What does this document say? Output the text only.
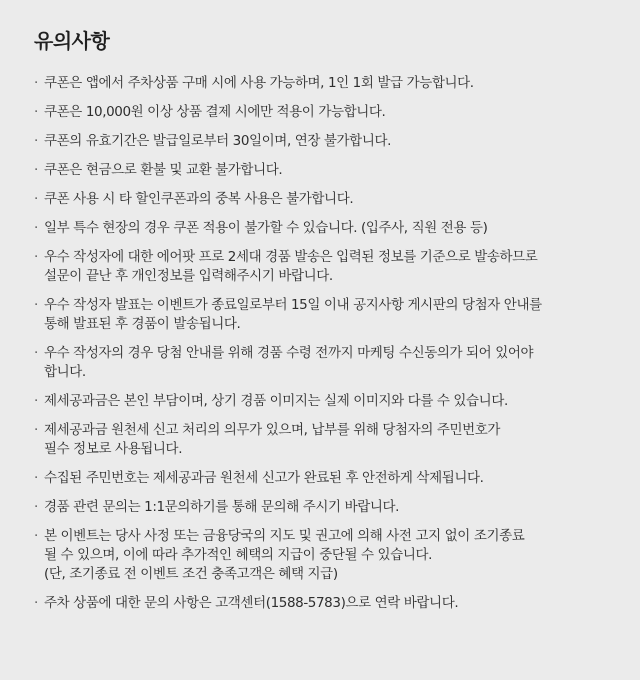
유의사항
· 쿠폰은 앱에서 주차상품 구매 시에 사용 가능하며, 1인 1회 발급 가능합니다.
· 쿠폰은 10,000원 이상 상품 결제 시에만 적용이 가능합니다.
· 쿠폰의 유효기간은 발급일로부터 30일이며, 연장 불가합니다.
· 쿠폰은 현금으로 환불 및 교환 불가합니다.
· 쿠폰 사용 시 타 할인쿠폰과의 중복 사용은 불가합니다.
· 일부 특수 현장의 경우 쿠폰 적용이 불가할 수 있습니다. (입주사, 직원 전용 등)
· 우수 작성자에 대한 에어팟 프로 2세대 경품 발송은 입력된 정보를 기준으로 발송하므로
설문이 끝난 후 개인정보를 입력해주시기 바랍니다.
· 우수 작성자 발표는 이벤트가 종료일로부터 15일 이내 공지사항 게시판의 당첨자 안내를
통해 발표된 후 경품이 발송됩니다.
· 우수 작성자의 경우 당첨 안내를 위해 경품 수령 전까지 마케팅 수신동의가 되어 있어야
합니다.
· 제세공과금은 본인 부담이며, 상기 경품 이미지는 실제 이미지와 다를 수 있습니다.
· 제세공과금 원천세 신고 처리의 의무가 있으며, 납부를 위해 당첨자의 주민번호가
필수 정보로 사용됩니다.
· 수집된 주민번호는 제세공과금 원천세 신고가 완료된 후 안전하게 삭제됩니다.
· 경품 관련 문의는 1:1문의하기를 통해 문의해 주시기 바랍니다.
· 본 이벤트는 당사 사정 또는 금융당국의 지도 및 권고에 의해 사전 고지 없이 조기종료
될 수 있으며, 이에 따라 추가적인 혜택의 지급이 중단될 수 있습니다.
(단, 조기종료 전 이벤트 조건 충족고객은 혜택 지급)
· 주차 상품에 대한 문의 사항은 고객센터(1588-5783)으로 연락 바랍니다.
